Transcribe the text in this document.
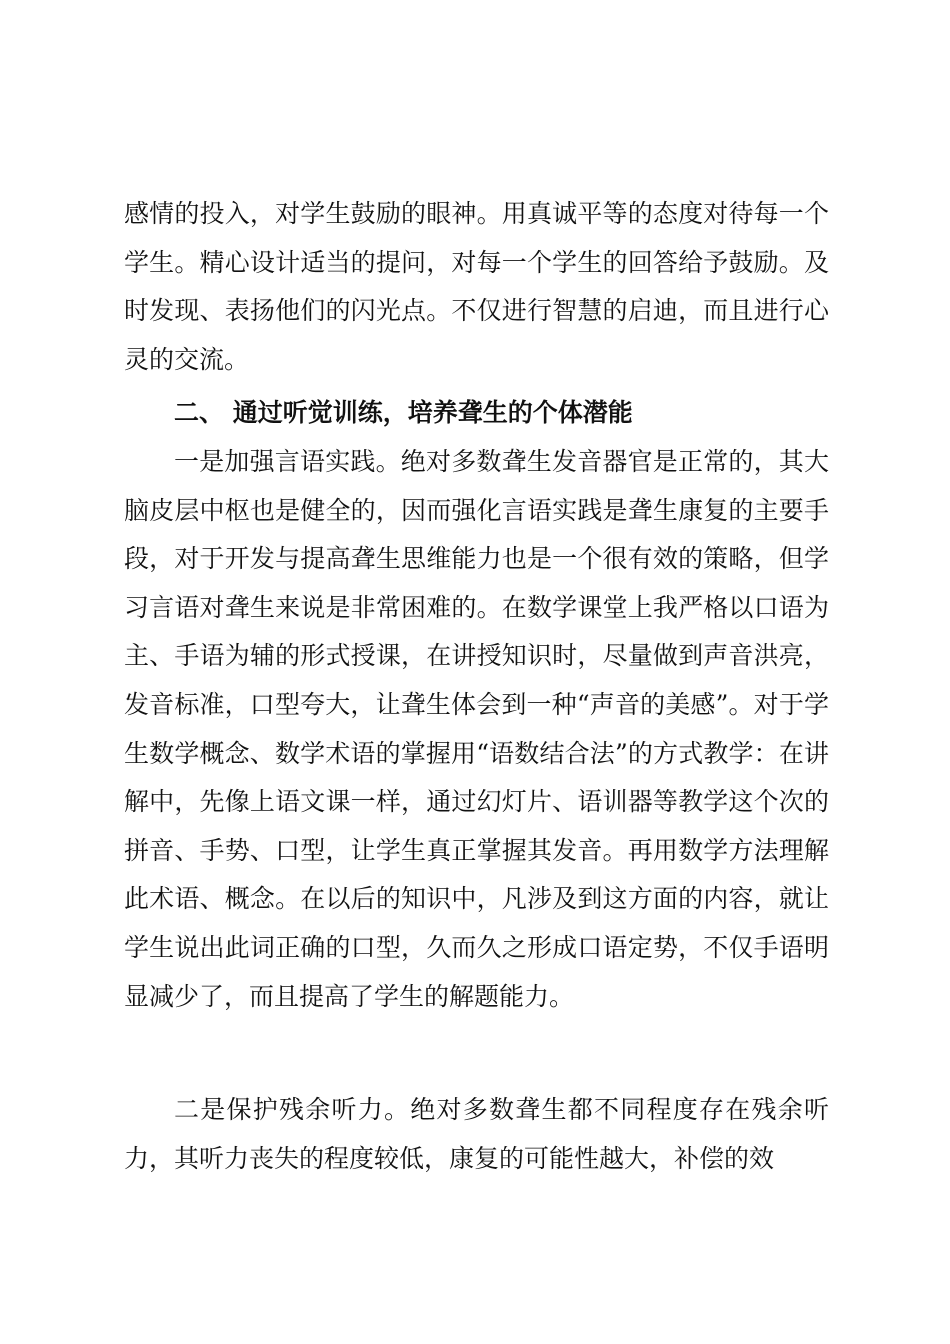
感情的投入，对学生鼓励的眼神。用真诚平等的态度对待每一个学生。精心设计适当的提问，对每一个学生的回答给予鼓励。及时发现、表扬他们的闪光点。不仅进行智慧的启迪，而且进行心灵的交流。

二、 通过听觉训练，培养聋生的个体潜能

一是加强言语实践。绝对多数聋生发音器官是正常的，其大脑皮层中枢也是健全的，因而强化言语实践是聋生康复的主要手段，对于开发与提高聋生思维能力也是一个很有效的策略，但学习言语对聋生来说是非常困难的。在数学课堂上我严格以口语为主、手语为辅的形式授课，在讲授知识时，尽量做到声音洪亮，发音标准，口型夸大，让聋生体会到一种“声音的美感”。对于学生数学概念、数学术语的掌握用“语数结合法”的方式教学：在讲解中，先像上语文课一样，通过幻灯片、语训器等教学这个次的拼音、手势、口型，让学生真正掌握其发音。再用数学方法理解此术语、概念。在以后的知识中，凡涉及到这方面的内容，就让学生说出此词正确的口型，久而久之形成口语定势，不仅手语明显减少了，而且提高了学生的解题能力。

二是保护残余听力。绝对多数聋生都不同程度存在残余听力，其听力丧失的程度较低，康复的可能性越大，补偿的效
